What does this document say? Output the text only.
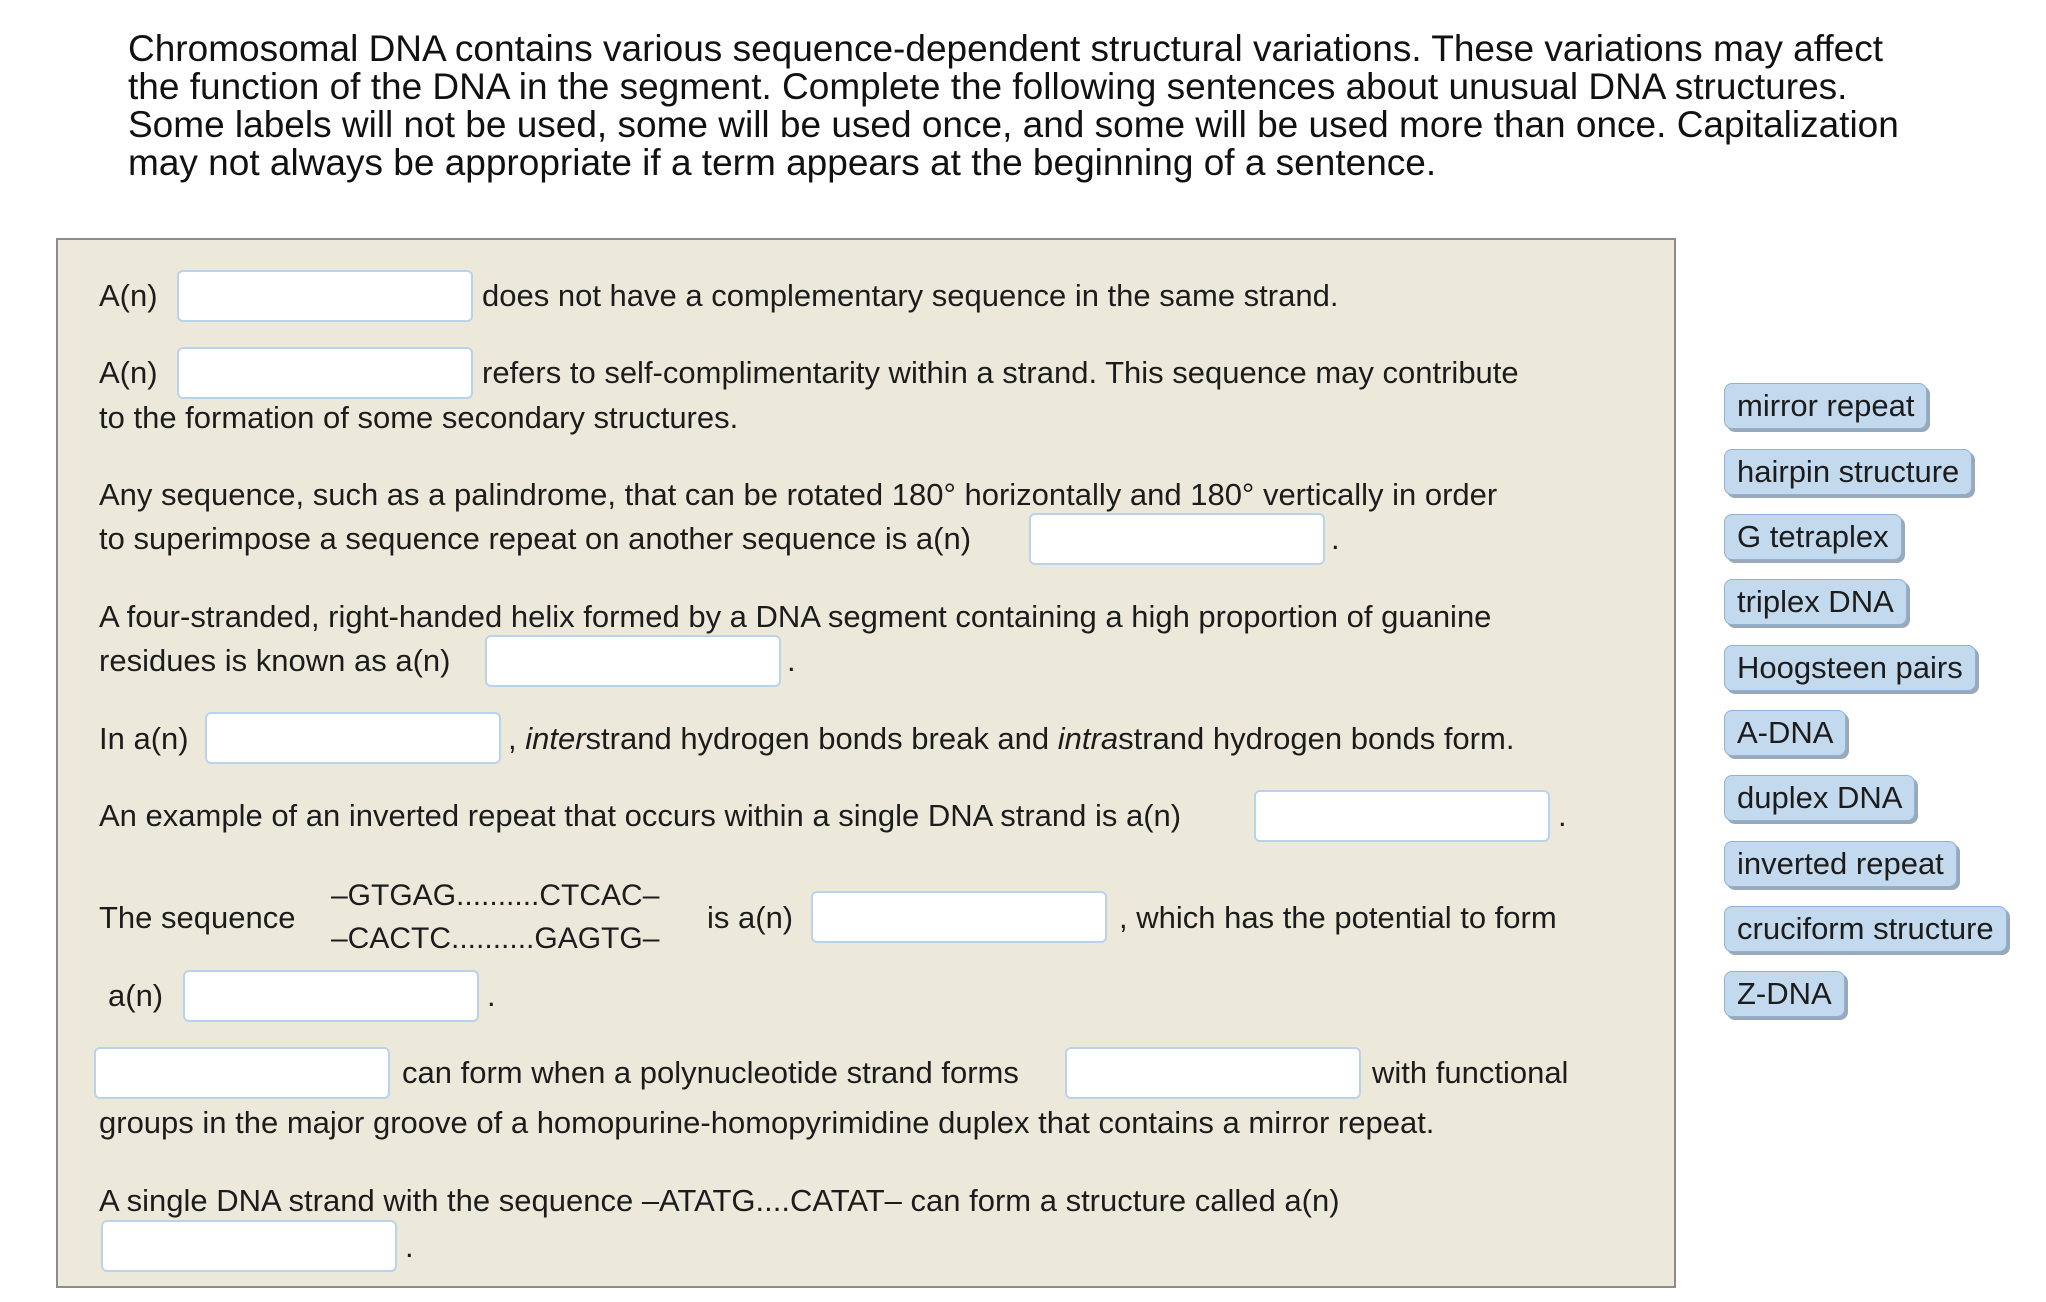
Chromosomal DNA contains various sequence-dependent structural variations. These variations may affect
the function of the DNA in the segment. Complete the following sentences about unusual DNA structures.
Some labels will not be used, some will be used once, and some will be used more than once. Capitalization
may not always be appropriate if a term appears at the beginning of a sentence.
A(n)	does not have a complementary sequence in the same strand.
A(n)	refers to self-complimentarity within a strand. This sequence may contribute
to the formation of some secondary structures.
Any sequence, such as a palindrome, that can be rotated 180° horizontally and 180° vertically in order
to superimpose a sequence repeat on another sequence is a(n)	.
A four-stranded, right-handed helix formed by a DNA segment containing a high proportion of guanine
residues is known as a(n)	.
In a(n)	, interstrand hydrogen bonds break and intrastrand hydrogen bonds form.
An example of an inverted repeat that occurs within a single DNA strand is a(n)	.
The sequence
–GTGAG..........CTCAC–
–CACTC..........GAGTG–
is a(n)	, which has the potential to form
a(n)	.
can form when a polynucleotide strand forms	with functional
groups in the major groove of a homopurine-homopyrimidine duplex that contains a mirror repeat.
A single DNA strand with the sequence –ATATG....CATAT– can form a structure called a(n)
.
mirror repeat
hairpin structure
G tetraplex
triplex DNA
Hoogsteen pairs
A-DNA
duplex DNA
inverted repeat
cruciform structure
Z-DNA
